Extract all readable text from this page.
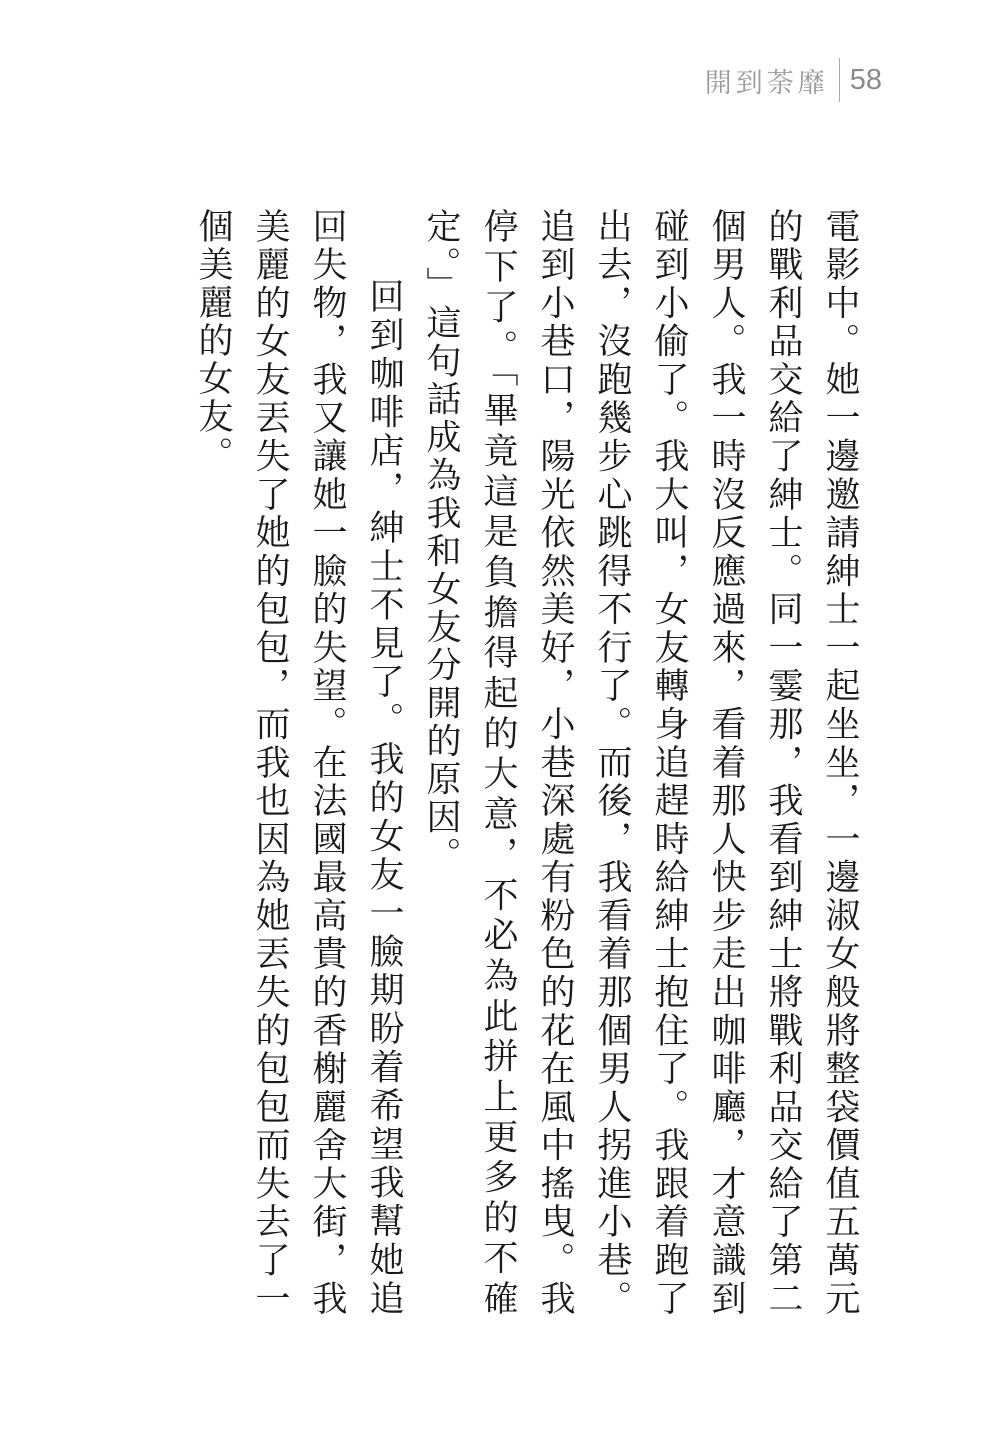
開到荼靡 58

電影中。她一邊邀請紳士一起坐坐，一邊淑女般將整袋價值五萬元的戰利品交給了紳士。同一霎那，我看到紳士將戰利品交給了第二個男人。我一時沒反應過來，看着那人快步走出咖啡廳，才意識到碰到小偷了。我大叫，女友轉身追趕時給紳士抱住了。我跟着跑了出去，沒跑幾步心跳得不行了。而後，我看着那個男人拐進小巷。追到小巷口，陽光依然美好，小巷深處有粉色的花在風中搖曳。我停下了。「畢竟這是負擔得起的大意，不必為此拼上更多的不確定。」這句話成為我和女友分開的原因。

回到咖啡店，紳士不見了。我的女友一臉期盼着希望我幫她追回失物，我又讓她一臉的失望。在法國最高貴的香榭麗舍大街，我美麗的女友丟失了她的包包，而我也因為她丟失的包包而失去了一個美麗的女友。
